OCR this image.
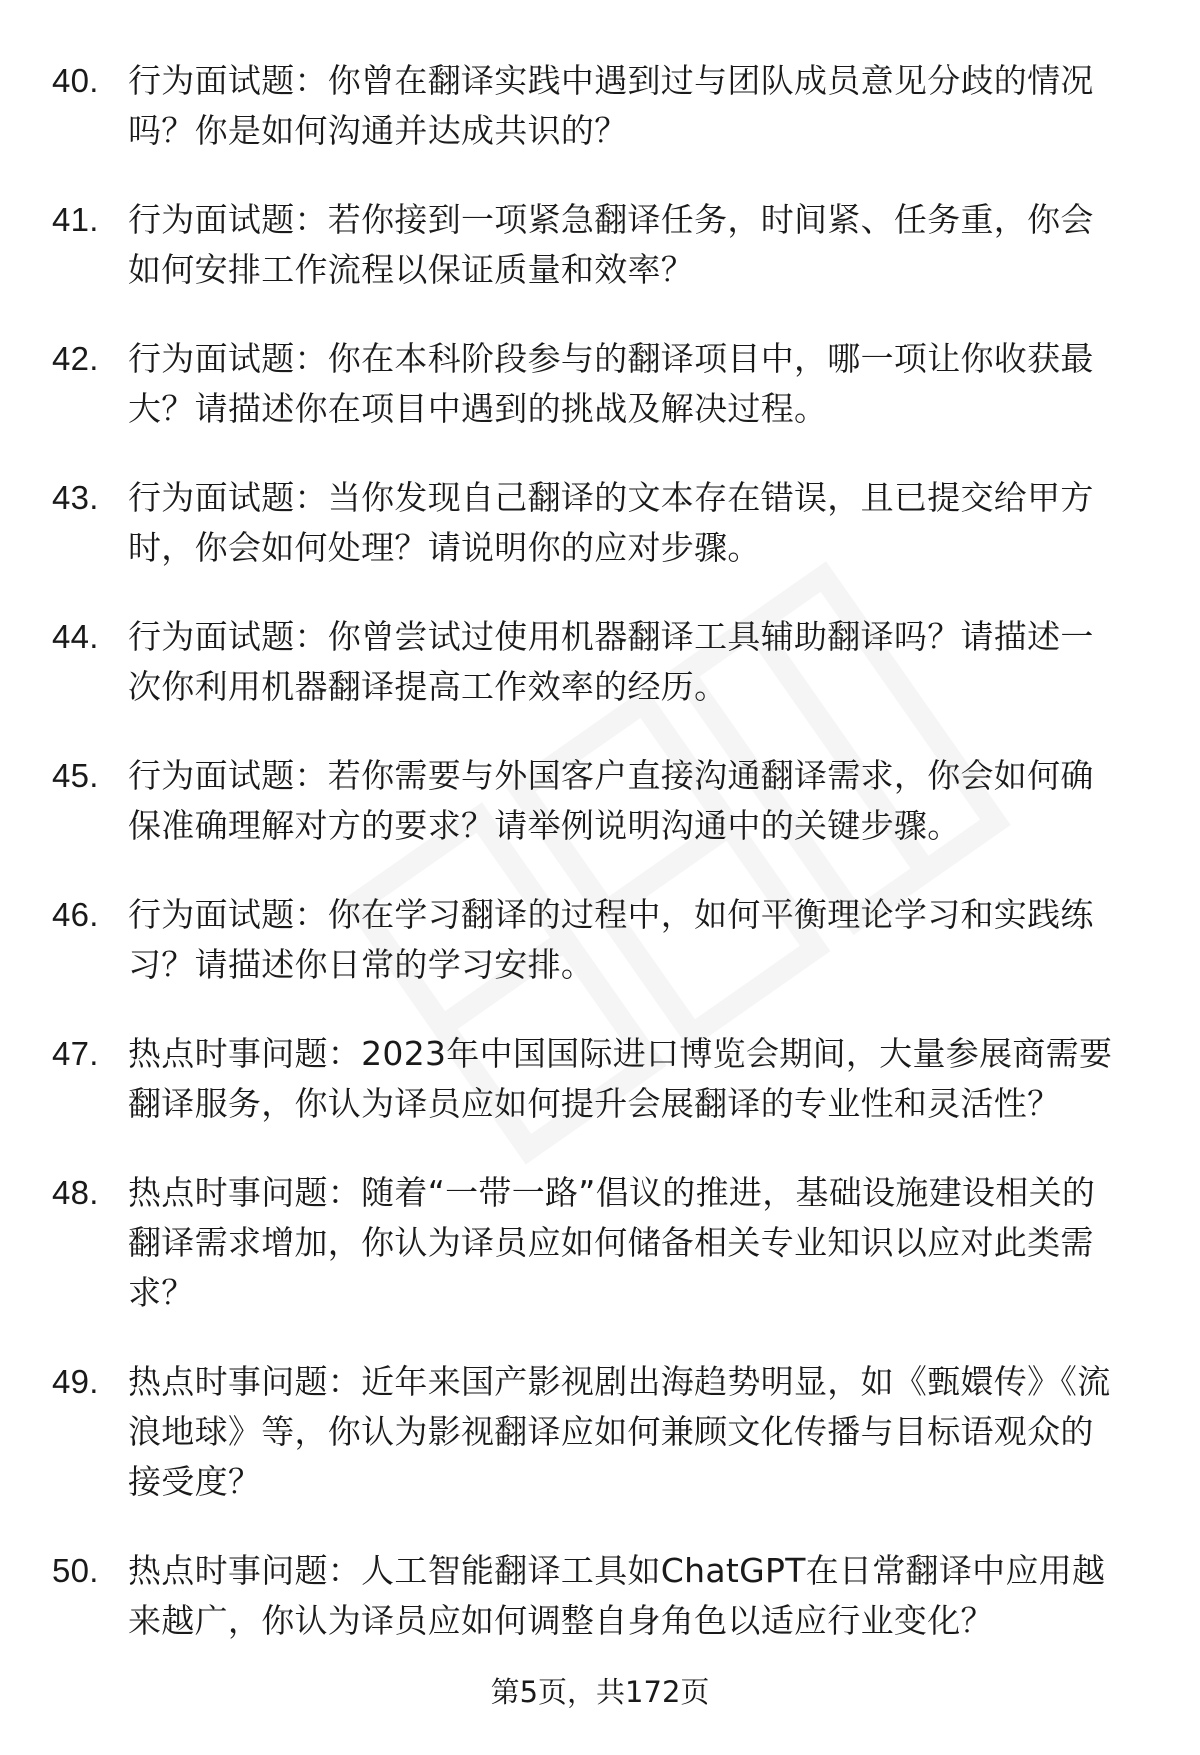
40. 行为面试题：你曾在翻译实践中遇到过与团队成员意见分歧的情况吗？你是如何沟通并达成共识的？
41. 行为面试题：若你接到一项紧急翻译任务，时间紧、任务重，你会如何安排工作流程以保证质量和效率？
42. 行为面试题：你在本科阶段参与的翻译项目中，哪一项让你收获最大？请描述你在项目中遇到的挑战及解决过程。
43. 行为面试题：当你发现自己翻译的文本存在错误，且已提交给甲方时，你会如何处理？请说明你的应对步骤。
44. 行为面试题：你曾尝试过使用机器翻译工具辅助翻译吗？请描述一次你利用机器翻译提高工作效率的经历。
45. 行为面试题：若你需要与外国客户直接沟通翻译需求，你会如何确保准确理解对方的要求？请举例说明沟通中的关键步骤。
46. 行为面试题：你在学习翻译的过程中，如何平衡理论学习和实践练习？请描述你日常的学习安排。
47. 热点时事问题：2023年中国国际进口博览会期间，大量参展商需要翻译服务，你认为译员应如何提升会展翻译的专业性和灵活性？
48. 热点时事问题：随着“一带一路”倡议的推进，基础设施建设相关的翻译需求增加，你认为译员应如何储备相关专业知识以应对此类需求？
49. 热点时事问题：近年来国产影视剧出海趋势明显，如《甄嬛传》《流浪地球》等，你认为影视翻译应如何兼顾文化传播与目标语观众的接受度？
50. 热点时事问题：人工智能翻译工具如ChatGPT在日常翻译中应用越来越广，你认为译员应如何调整自身角色以适应行业变化？
第5页，共172页
